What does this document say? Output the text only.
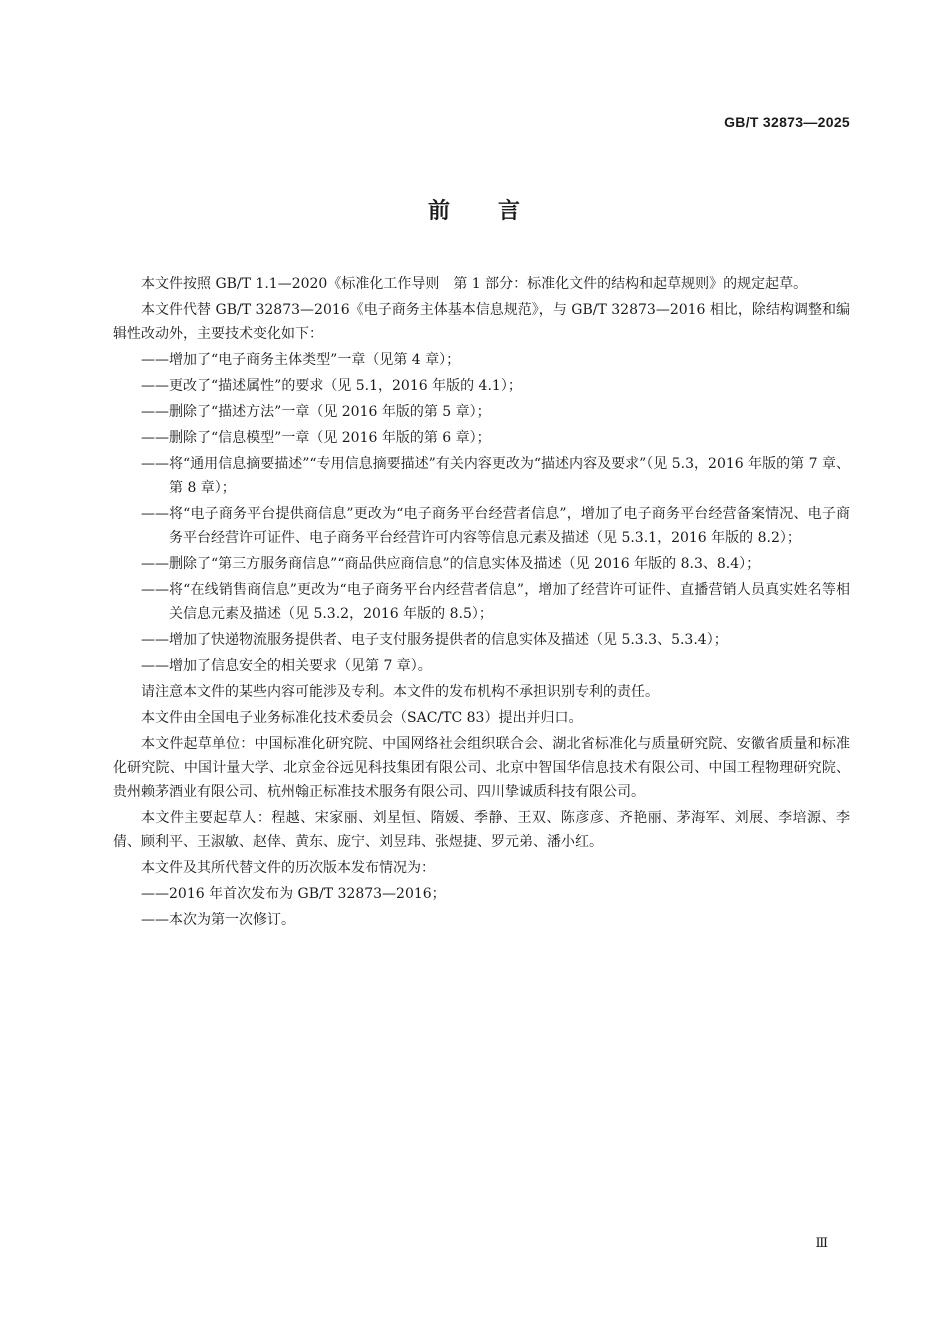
GB/T 32873—2025
前 言

本文件按照 GB/T 1.1—2020《标准化工作导则　第 1 部分：标准化文件的结构和起草规则》的规定起草。

本文件代替 GB/T 32873—2016《电子商务主体基本信息规范》，与 GB/T 32873—2016 相比，除结构调整和编辑性改动外，主要技术变化如下：

—— 增加了“电子商务主体类型”一章（见第 4 章）；
—— 更改了“描述属性”的要求（见 5.1，2016 年版的 4.1）；
—— 删除了“描述方法”一章（见 2016 年版的第 5 章）；
—— 删除了“信息模型”一章（见 2016 年版的第 6 章）；
—— 将“通用信息摘要描述”“专用信息摘要描述”有关内容更改为“描述内容及要求”（见 5.3，2016 年版的第 7 章、第 8 章）；
—— 将“电子商务平台提供商信息”更改为“电子商务平台经营者信息”，增加了电子商务平台经营备案情况、电子商务平台经营许可证件、电子商务平台经营许可内容等信息元素及描述（见 5.3.1，2016 年版的 8.2）；
—— 删除了“第三方服务商信息”“商品供应商信息”的信息实体及描述（见 2016 年版的 8.3、8.4）；
—— 将“在线销售商信息”更改为“电子商务平台内经营者信息”，增加了经营许可证件、直播营销人员真实姓名等相关信息元素及描述（见 5.3.2，2016 年版的 8.5）；
—— 增加了快递物流服务提供者、电子支付服务提供者的信息实体及描述（见 5.3.3、5.3.4）；
—— 增加了信息安全的相关要求（见第 7 章）。

请注意本文件的某些内容可能涉及专利。本文件的发布机构不承担识别专利的责任。

本文件由全国电子业务标准化技术委员会（SAC/TC 83）提出并归口。

本文件起草单位：中国标准化研究院、中国网络社会组织联合会、湖北省标准化与质量研究院、安徽省质量和标准化研究院、中国计量大学、北京金谷远见科技集团有限公司、北京中智国华信息技术有限公司、中国工程物理研究院、贵州赖茅酒业有限公司、杭州翰正标准技术服务有限公司、四川挚诚质科技有限公司。

本文件主要起草人：程越、宋家丽、刘星恒、隋媛、季静、王双、陈彦彦、齐艳丽、茅海军、刘展、李培源、李倩、顾利平、王淑敏、赵倖、黄东、庞宁、刘昱玮、张煜捷、罗元弟、潘小红。

本文件及其所代替文件的历次版本发布情况为：

—— 2016 年首次发布为 GB/T 32873—2016；
—— 本次为第一次修订。
Ⅲ
